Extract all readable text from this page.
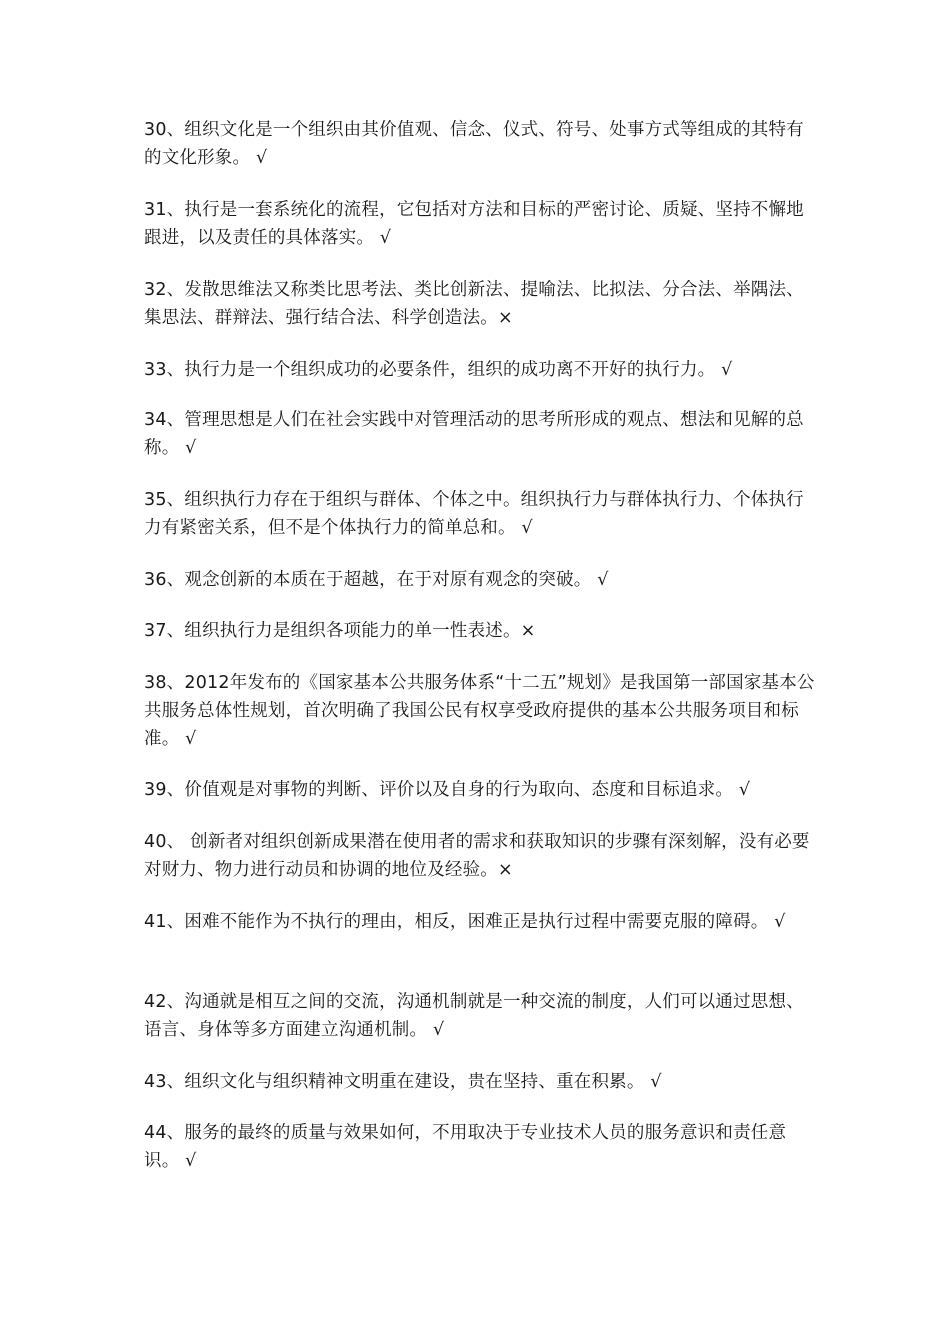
30、组织文化是一个组织由其价值观、信念、仪式、符号、处事方式等组成的其特有的文化形象。 √

31、执行是一套系统化的流程，它包括对方法和目标的严密讨论、质疑、坚持不懈地跟进，以及责任的具体落实。 √

32、发散思维法又称类比思考法、类比创新法、提喻法、比拟法、分合法、举隅法、集思法、群辩法、强行结合法、科学创造法。×

33、执行力是一个组织成功的必要条件，组织的成功离不开好的执行力。 √

34、管理思想是人们在社会实践中对管理活动的思考所形成的观点、想法和见解的总称。 √

35、组织执行力存在于组织与群体、个体之中。组织执行力与群体执行力、个体执行力有紧密关系，但不是个体执行力的简单总和。 √

36、观念创新的本质在于超越，在于对原有观念的突破。 √

37、组织执行力是组织各项能力的单一性表述。×

38、2012年发布的《国家基本公共服务体系“十二五”规划》是我国第一部国家基本公共服务总体性规划，首次明确了我国公民有权享受政府提供的基本公共服务项目和标准。 √

39、价值观是对事物的判断、评价以及自身的行为取向、态度和目标追求。 √

40、 创新者对组织创新成果潜在使用者的需求和获取知识的步骤有深刻解，没有必要对财力、物力进行动员和协调的地位及经验。×

41、困难不能作为不执行的理由，相反，困难正是执行过程中需要克服的障碍。 √

42、沟通就是相互之间的交流，沟通机制就是一种交流的制度，人们可以通过思想、语言、身体等多方面建立沟通机制。 √

43、组织文化与组织精神文明重在建设，贵在坚持、重在积累。 √

44、服务的最终的质量与效果如何，不用取决于专业技术人员的服务意识和责任意识。 √
